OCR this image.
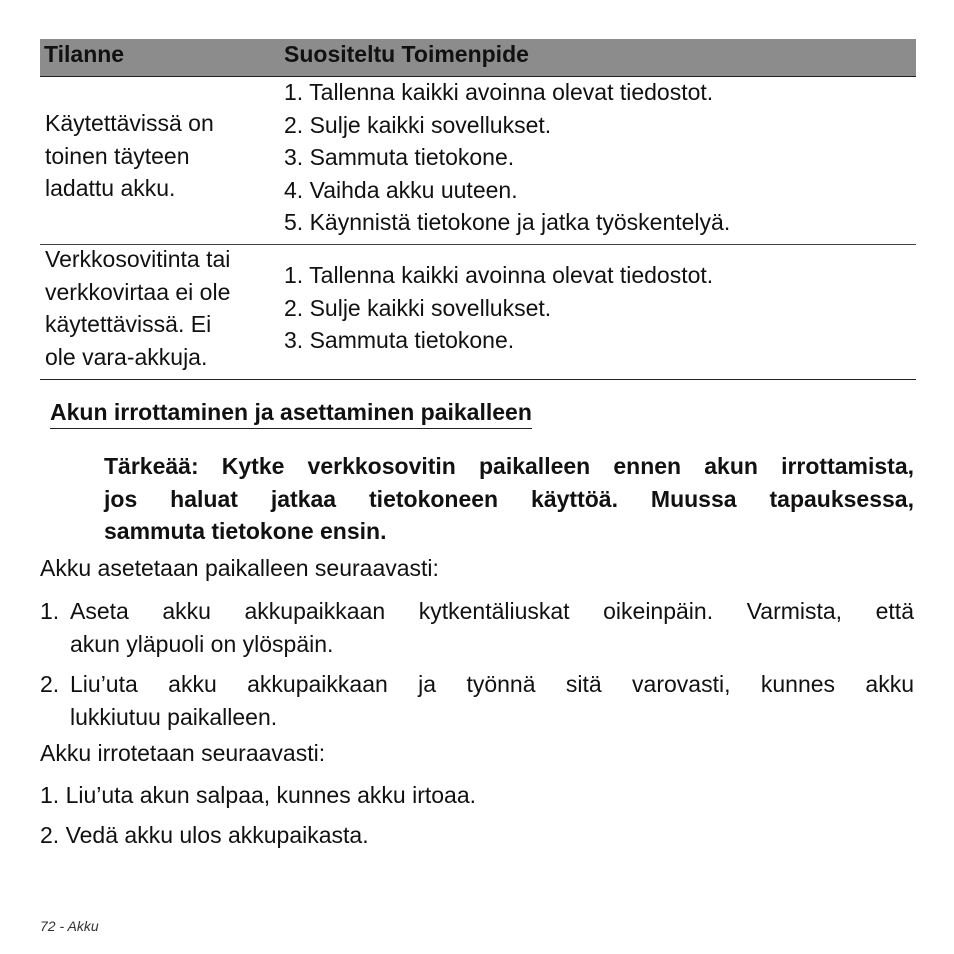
Tilanne	Suositeltu Toimenpide
Käytettävissä on
toinen täyteen
ladattu akku.
1. Tallenna kaikki avoinna olevat tiedostot.
2. Sulje kaikki sovellukset.
3. Sammuta tietokone.
4. Vaihda akku uuteen.
5. Käynnistä tietokone ja jatka työskentelyä.
Verkkosovitinta tai
verkkovirtaa ei ole
käytettävissä. Ei
ole vara-akkuja.
1. Tallenna kaikki avoinna olevat tiedostot.
2. Sulje kaikki sovellukset.
3. Sammuta tietokone.
Akun irrottaminen ja asettaminen paikalleen
Tärkeää: Kytke verkkosovitin paikalleen ennen akun irrottamista,
jos haluat jatkaa tietokoneen käyttöä. Muussa tapauksessa,
sammuta tietokone ensin.
Akku asetetaan paikalleen seuraavasti:
1. Aseta akku akkupaikkaan kytkentäliuskat oikeinpäin. Varmista, että
akun yläpuoli on ylöspäin.
2. Liu’uta akku akkupaikkaan ja työnnä sitä varovasti, kunnes akku
lukkiutuu paikalleen.
Akku irrotetaan seuraavasti:
1. Liu’uta akun salpaa, kunnes akku irtoaa.
2. Vedä akku ulos akkupaikasta.
72 - Akku
